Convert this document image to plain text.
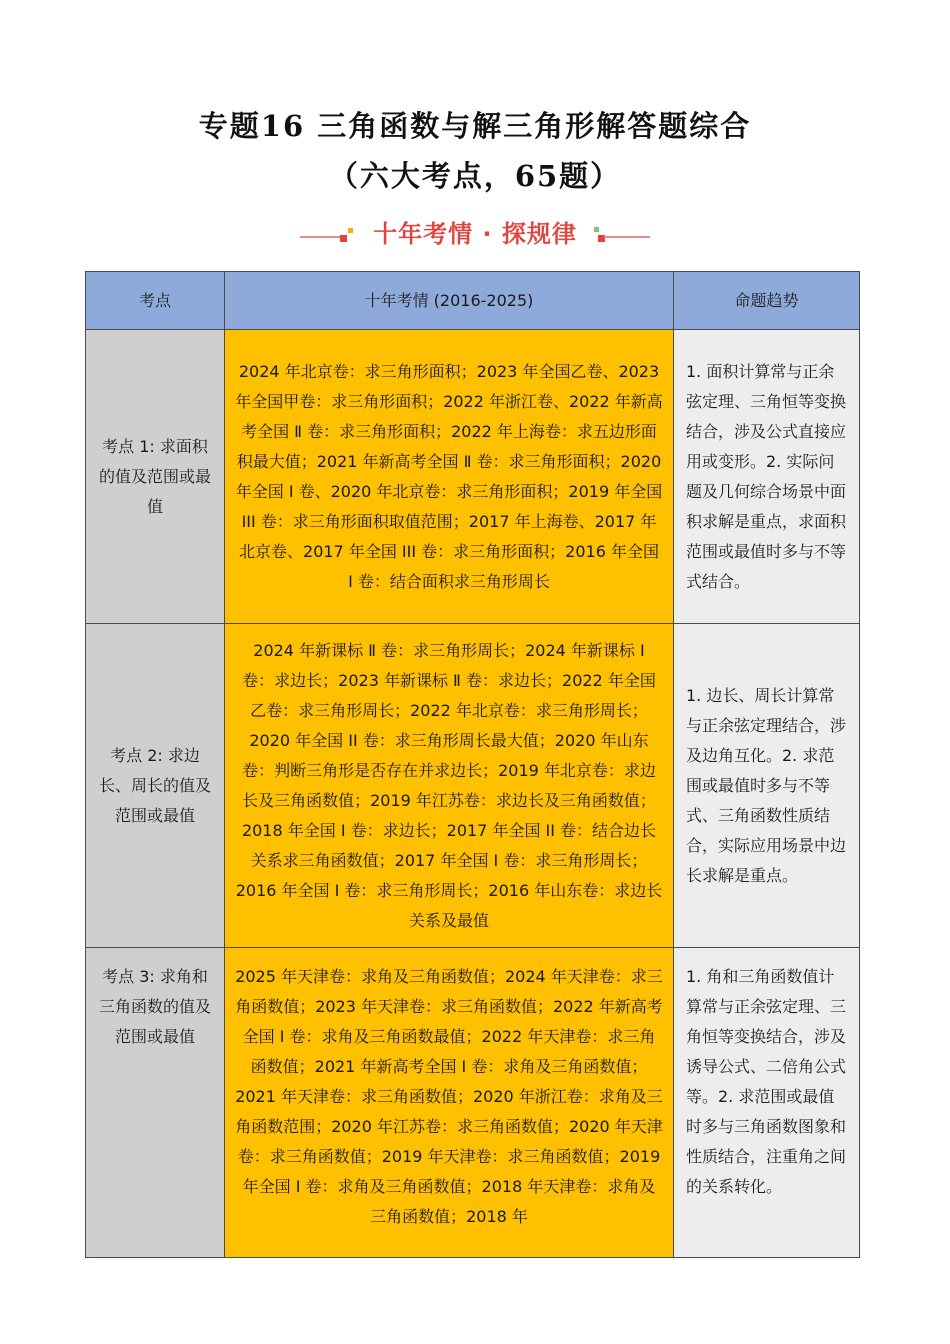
专题16 三角函数与解三角形解答题综合
（六大考点，65题）
十年考情 · 探规律
考点	十年考情 (2016-2025)	命题趋势
考点 1: 求面积的值及范围或最值	2024 年北京卷：求三角形面积；2023 年全国乙卷、2023 年全国甲卷：求三角形面积；2022 年浙江卷、2022 年新高考全国 Ⅱ 卷：求三角形面积；2022 年上海卷：求五边形面积最大值；2021 年新高考全国 Ⅱ 卷：求三角形面积；2020 年全国 I 卷、2020 年北京卷：求三角形面积；2019 年全国 III 卷：求三角形面积取值范围；2017 年上海卷、2017 年北京卷、2017 年全国 III 卷：求三角形面积；2016 年全国 I 卷：结合面积求三角形周长	1. 面积计算常与正余弦定理、三角恒等变换结合，涉及公式直接应用或变形。2. 实际问题及几何综合场景中面积求解是重点，求面积范围或最值时多与不等式结合。
考点 2: 求边长、周长的值及范围或最值	2024 年新课标 Ⅱ 卷：求三角形周长；2024 年新课标 Ⅰ 卷：求边长；2023 年新课标 Ⅱ 卷：求边长；2022 年全国乙卷：求三角形周长；2022 年北京卷：求三角形周长；2020 年全国 II 卷：求三角形周长最大值；2020 年山东卷：判断三角形是否存在并求边长；2019 年北京卷：求边长及三角函数值；2019 年江苏卷：求边长及三角函数值；2018 年全国 I 卷：求边长；2017 年全国 II 卷：结合边长关系求三角函数值；2017 年全国 I 卷：求三角形周长；2016 年全国 I 卷：求三角形周长；2016 年山东卷：求边长关系及最值	1. 边长、周长计算常与正余弦定理结合，涉及边角互化。2. 求范围或最值时多与不等式、三角函数性质结合，实际应用场景中边长求解是重点。
考点 3: 求角和三角函数的值及范围或最值	2025 年天津卷：求角及三角函数值；2024 年天津卷：求三角函数值；2023 年天津卷：求三角函数值；2022 年新高考全国 Ⅰ 卷：求角及三角函数最值；2022 年天津卷：求三角函数值；2021 年新高考全国 Ⅰ 卷：求角及三角函数值；2021 年天津卷：求三角函数值；2020 年浙江卷：求角及三角函数范围；2020 年江苏卷：求三角函数值；2020 年天津卷：求三角函数值；2019 年天津卷：求三角函数值；2019 年全国 I 卷：求角及三角函数值；2018 年天津卷：求角及三角函数值；2018 年	1. 角和三角函数值计算常与正余弦定理、三角恒等变换结合，涉及诱导公式、二倍角公式等。2. 求范围或最值时多与三角函数图象和性质结合，注重角之间的关系转化。
